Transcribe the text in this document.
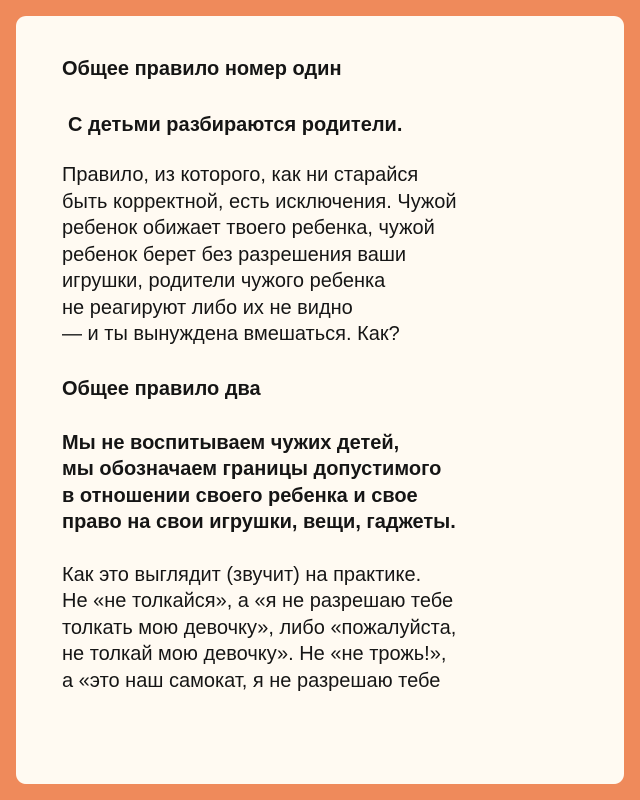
Общее правило номер один

С детьми разбираются родители.

Правило, из которого, как ни старайся
быть корректной, есть исключения. Чужой
ребенок обижает твоего ребенка, чужой
ребенок берет без разрешения ваши
игрушки, родители чужого ребенка
не реагируют либо их не видно
— и ты вынуждена вмешаться. Как?

Общее правило два

Мы не воспитываем чужих детей,
мы обозначаем границы допустимого
в отношении своего ребенка и свое
право на свои игрушки, вещи, гаджеты.

Как это выглядит (звучит) на практике.
Не «не толкайся», а «я не разрешаю тебе
толкать мою девочку», либо «пожалуйста,
не толкай мою девочку». Не «не трожь!»,
а «это наш самокат, я не разрешаю тебе
